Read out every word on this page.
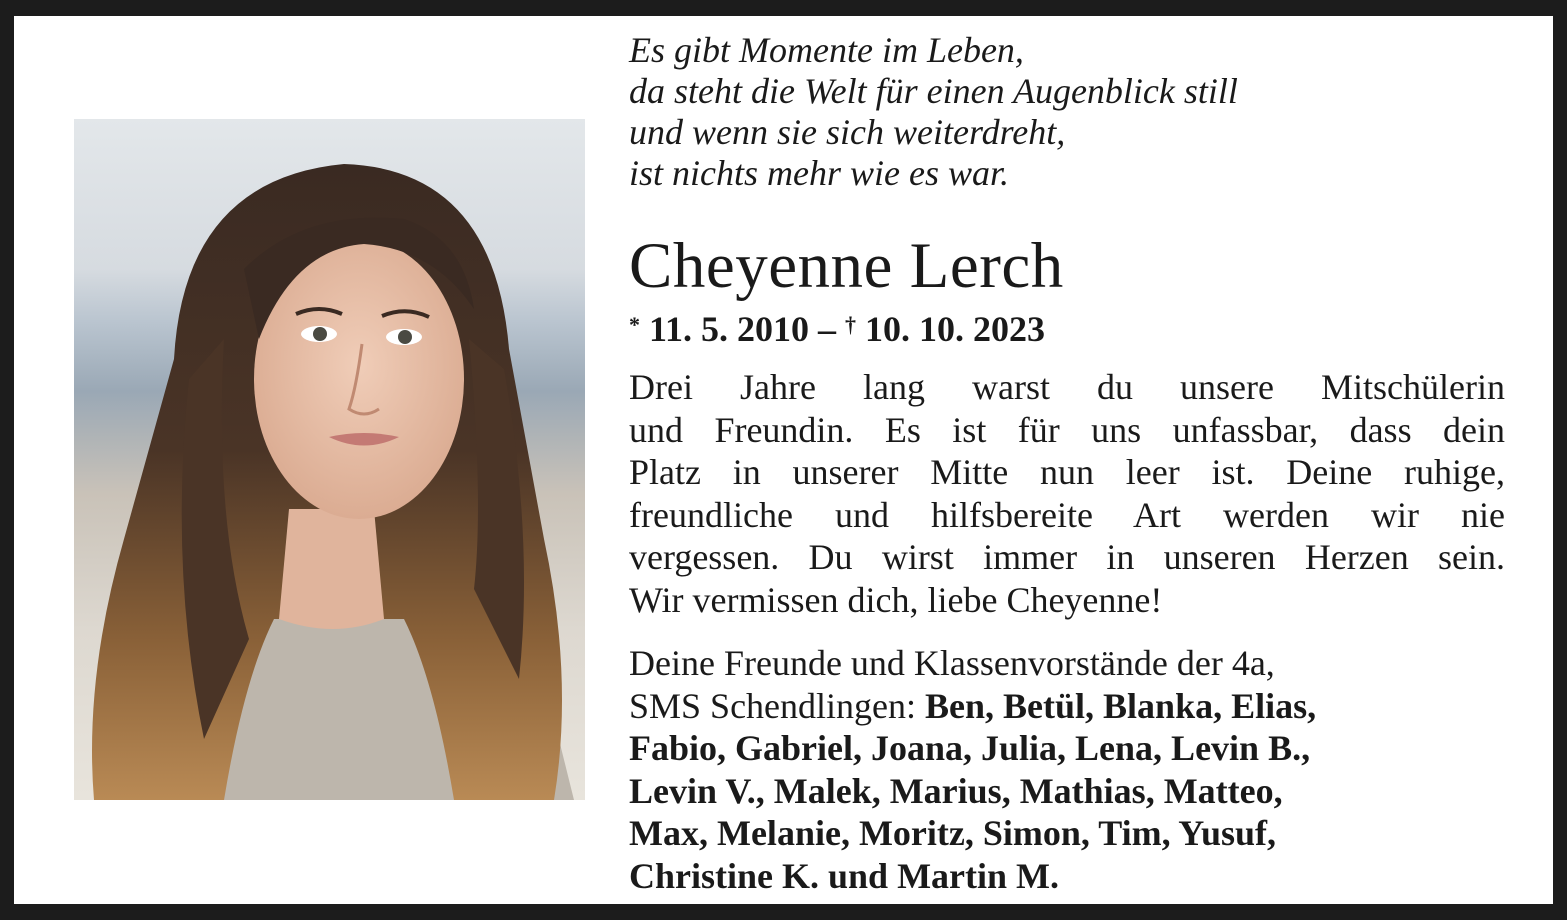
Es gibt Momente im Leben,
da steht die Welt für einen Augenblick still
und wenn sie sich weiterdreht,
ist nichts mehr wie es war.
Cheyenne Lerch
* 11. 5. 2010 – † 10. 10. 2023
Drei Jahre lang warst du unsere Mitschülerin
und Freundin. Es ist für uns unfassbar, dass dein
Platz in unserer Mitte nun leer ist. Deine ruhige,
freundliche und hilfsbereite Art werden wir nie
vergessen. Du wirst immer in unseren Herzen sein.
Wir vermissen dich, liebe Cheyenne!
Deine Freunde und Klassenvorstände der 4a,
SMS Schendlingen: Ben, Betül, Blanka, Elias,
Fabio, Gabriel, Joana, Julia, Lena, Levin B.,
Levin V., Malek, Marius, Mathias, Matteo,
Max, Melanie, Moritz, Simon, Tim, Yusuf,
Christine K. und Martin M.
